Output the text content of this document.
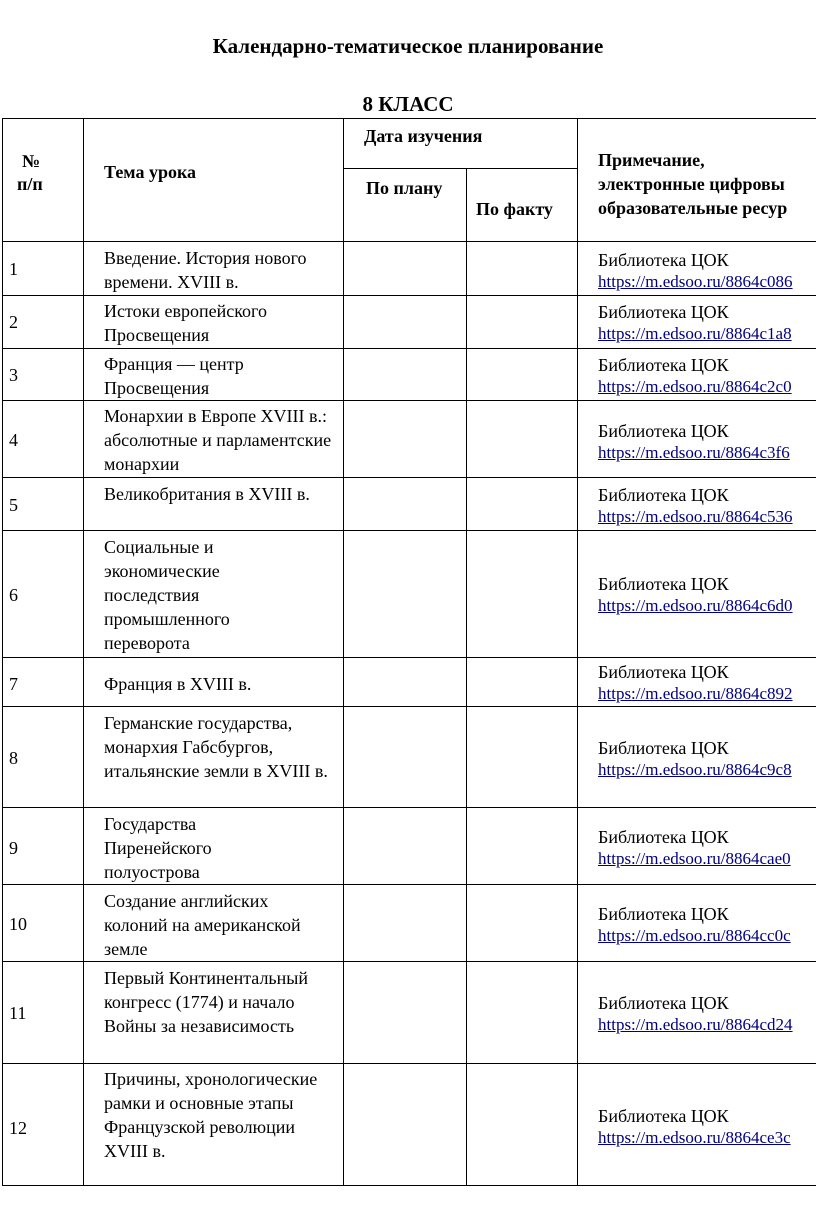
Календарно-тематическое планирование
8 КЛАСС
№
п/п
Тема урока
Дата изучения
По плану
По факту
Примечание,
электронные цифровы
образовательные ресур
1
Введение. История нового времени. XVIII в.
Библиотека ЦОК
https://m.edsoo.ru/8864c086
2
Истоки европейского Просвещения
Библиотека ЦОК
https://m.edsoo.ru/8864c1a8
3
Франция — центр Просвещения
Библиотека ЦОК
https://m.edsoo.ru/8864c2c0
4
Монархии в Европе XVIII в.: абсолютные и парламентские монархии
Библиотека ЦОК
https://m.edsoo.ru/8864c3f6
5
Великобритания в XVIII в.	Библиотека ЦОК
https://m.edsoo.ru/8864c536
6
Социальные и экономические последствия промышленного переворота
Библиотека ЦОК
https://m.edsoo.ru/8864c6d0
7	Франция в XVIII в.
Библиотека ЦОК
https://m.edsoo.ru/8864c892
8
Германские государства, монархия Габсбургов, итальянские земли в XVIII в.
Библиотека ЦОК
https://m.edsoo.ru/8864c9c8
9
Государства Пиренейского полуострова
Библиотека ЦОК
https://m.edsoo.ru/8864cae0
10
Создание английских колоний на американской земле
Библиотека ЦОК
https://m.edsoo.ru/8864cc0c
11
Первый Континентальный конгресс (1774) и начало Войны за независимость
Библиотека ЦОК
https://m.edsoo.ru/8864cd24
12
Причины, хронологические рамки и основные этапы Французской революции XVIII в.
Библиотека ЦОК
https://m.edsoo.ru/8864ce3c
